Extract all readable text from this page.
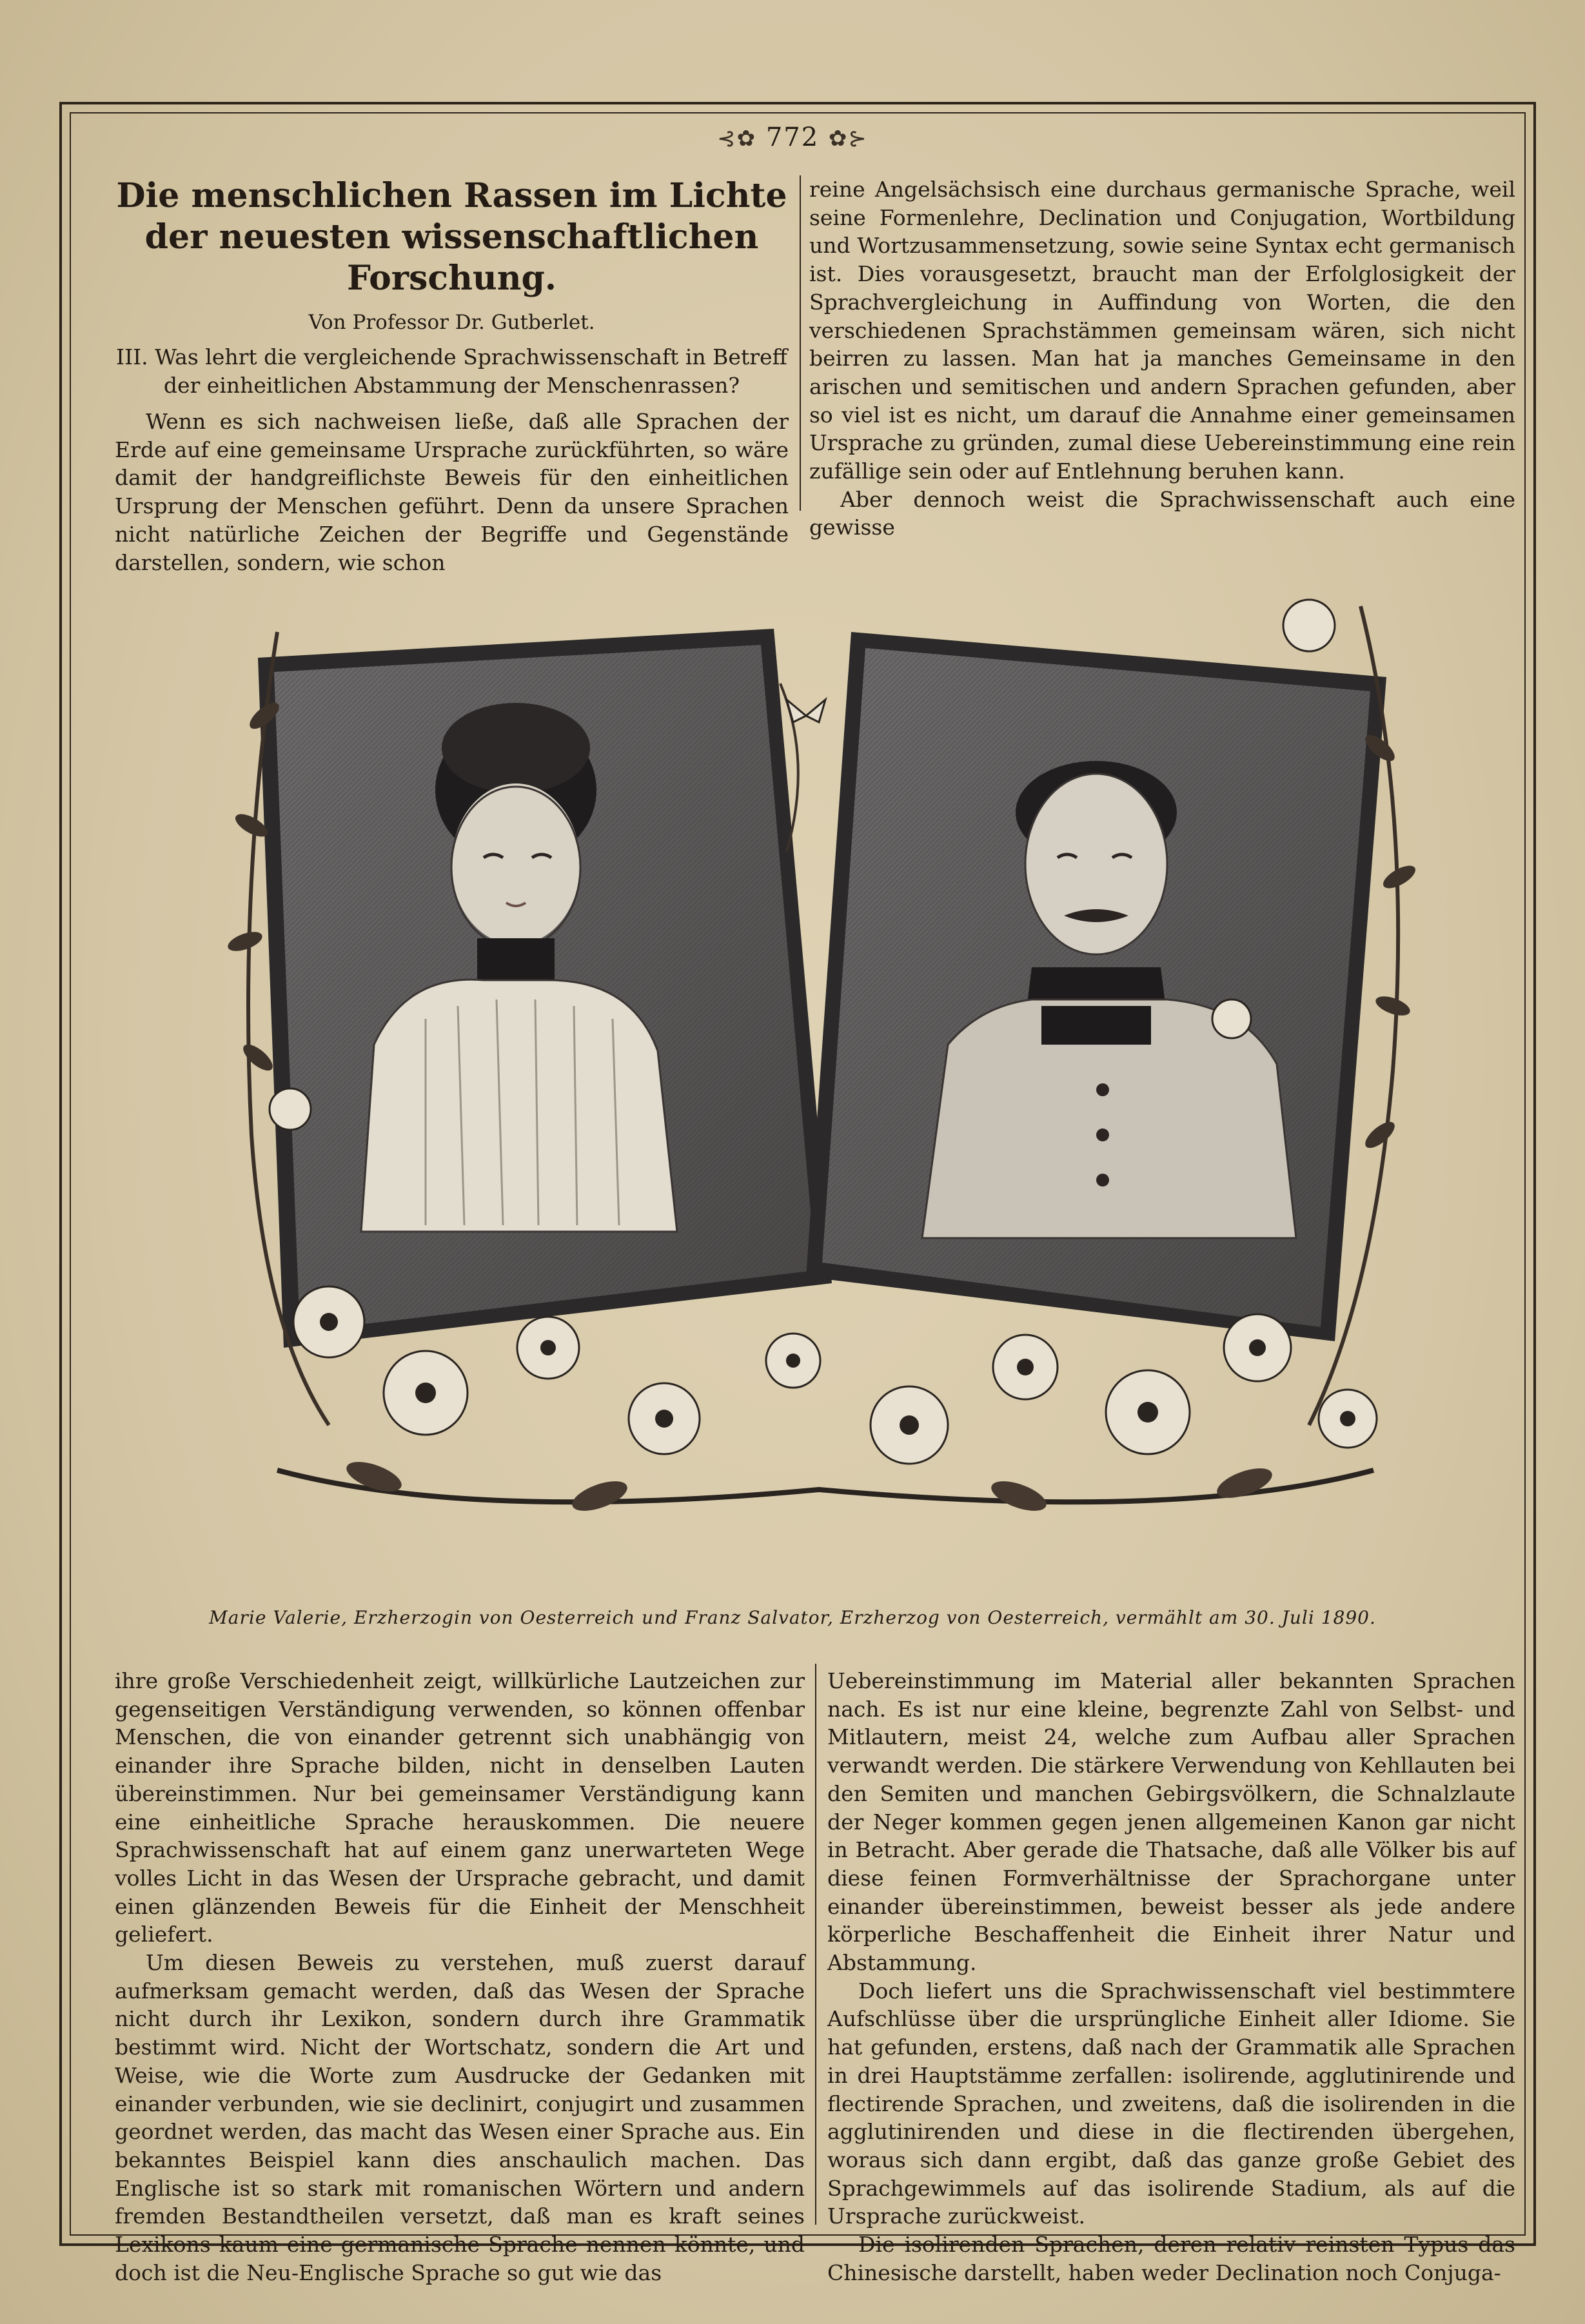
⊰✿ 772 ✿⊱
Die menschlichen Rassen im Lichte der neuesten wissenschaftlichen Forschung.
Von Professor Dr. Gutberlet.
III. Was lehrt die vergleichende Sprachwissenschaft in Betreff der einheitlichen Abstammung der Menschenrassen?

Wenn es sich nachweisen ließe, daß alle Sprachen der Erde auf eine gemeinsame Ursprache zurückführten, so wäre damit der handgreiflichste Beweis für den einheitlichen Ursprung der Menschen geführt. Denn da unsere Sprachen nicht natürliche Zeichen der Begriffe und Gegenstände darstellen, sondern, wie schon

reine Angelsächsisch eine durchaus germanische Sprache, weil seine Formenlehre, Declination und Conjugation, Wortbildung und Wortzusammensetzung, sowie seine Syntax echt germanisch ist. Dies vorausgesetzt, braucht man der Erfolglosigkeit der Sprachvergleichung in Auffindung von Worten, die den verschiedenen Sprachstämmen gemeinsam wären, sich nicht beirren zu lassen. Man hat ja manches Gemeinsame in den arischen und semitischen und andern Sprachen gefunden, aber so viel ist es nicht, um darauf die Annahme einer gemeinsamen Ursprache zu gründen, zumal diese Uebereinstimmung eine rein zufällige sein oder auf Entlehnung beruhen kann.

Aber dennoch weist die Sprachwissenschaft auch eine gewisse

Marie Valerie, Erzherzogin von Oesterreich und Franz Salvator, Erzherzog von Oesterreich, vermählt am 30. Juli 1890.

ihre große Verschiedenheit zeigt, willkürliche Lautzeichen zur gegenseitigen Verständigung verwenden, so können offenbar Menschen, die von einander getrennt sich unabhängig von einander ihre Sprache bilden, nicht in denselben Lauten übereinstimmen. Nur bei gemeinsamer Verständigung kann eine einheitliche Sprache herauskommen. Die neuere Sprachwissenschaft hat auf einem ganz unerwarteten Wege volles Licht in das Wesen der Ursprache gebracht, und damit einen glänzenden Beweis für die Einheit der Menschheit geliefert.

Um diesen Beweis zu verstehen, muß zuerst darauf aufmerksam gemacht werden, daß das Wesen der Sprache nicht durch ihr Lexikon, sondern durch ihre Grammatik bestimmt wird. Nicht der Wortschatz, sondern die Art und Weise, wie die Worte zum Ausdrucke der Gedanken mit einander verbunden, wie sie declinirt, conjugirt und zusammen geordnet werden, das macht das Wesen einer Sprache aus. Ein bekanntes Beispiel kann dies anschaulich machen. Das Englische ist so stark mit romanischen Wörtern und andern fremden Bestandtheilen versetzt, daß man es kraft seines Lexikons kaum eine germanische Sprache nennen könnte, und doch ist die Neu-Englische Sprache so gut wie das

Uebereinstimmung im Material aller bekannten Sprachen nach. Es ist nur eine kleine, begrenzte Zahl von Selbst- und Mitlautern, meist 24, welche zum Aufbau aller Sprachen verwandt werden. Die stärkere Verwendung von Kehllauten bei den Semiten und manchen Gebirgsvölkern, die Schnalzlaute der Neger kommen gegen jenen allgemeinen Kanon gar nicht in Betracht. Aber gerade die Thatsache, daß alle Völker bis auf diese feinen Formverhältnisse der Sprachorgane unter einander übereinstimmen, beweist besser als jede andere körperliche Beschaffenheit die Einheit ihrer Natur und Abstammung.

Doch liefert uns die Sprachwissenschaft viel bestimmtere Aufschlüsse über die ursprüngliche Einheit aller Idiome. Sie hat gefunden, erstens, daß nach der Grammatik alle Sprachen in drei Hauptstämme zerfallen: isolirende, agglutinirende und flectirende Sprachen, und zweitens, daß die isolirenden in die agglutinirenden und diese in die flectirenden übergehen, woraus sich dann ergibt, daß das ganze große Gebiet des Sprachgewimmels auf das isolirende Stadium, als auf die Ursprache zurückweist.

Die isolirenden Sprachen, deren relativ reinsten Typus das Chinesische darstellt, haben weder Declination noch Conjuga-
